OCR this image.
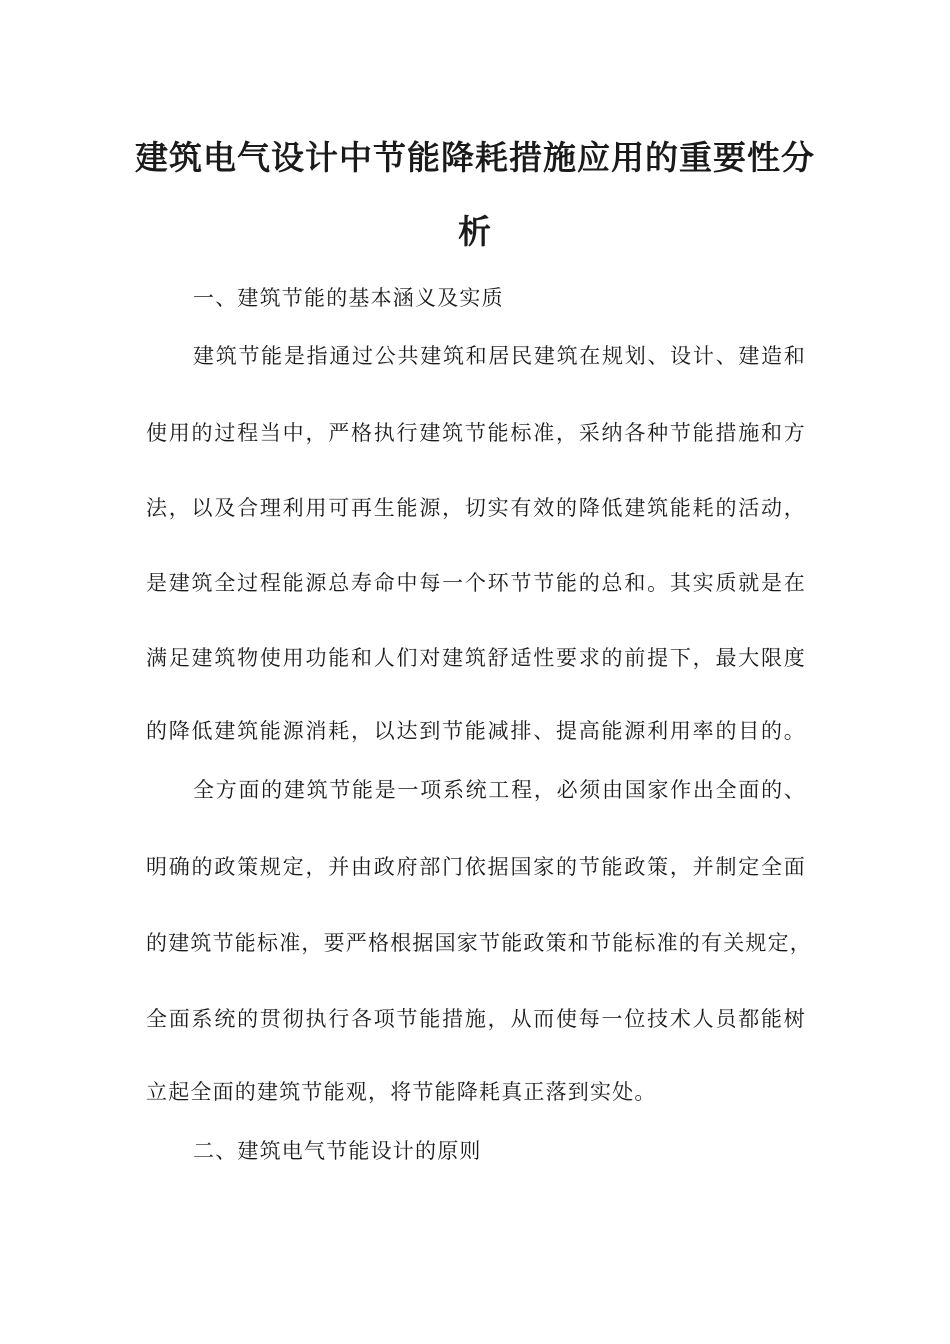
建筑电气设计中节能降耗措施应用的重要性分
析
一、建筑节能的基本涵义及实质
建筑节能是指通过公共建筑和居民建筑在规划、设计、建造和
使用的过程当中，严格执行建筑节能标准，采纳各种节能措施和方
法，以及合理利用可再生能源，切实有效的降低建筑能耗的活动，
是建筑全过程能源总寿命中每一个环节节能的总和。其实质就是在
满足建筑物使用功能和人们对建筑舒适性要求的前提下，最大限度
的降低建筑能源消耗，以达到节能减排、提高能源利用率的目的。
全方面的建筑节能是一项系统工程，必须由国家作出全面的、
明确的政策规定，并由政府部门依据国家的节能政策，并制定全面
的建筑节能标准，要严格根据国家节能政策和节能标准的有关规定，
全面系统的贯彻执行各项节能措施，从而使每一位技术人员都能树
立起全面的建筑节能观，将节能降耗真正落到实处。
二、建筑电气节能设计的原则
